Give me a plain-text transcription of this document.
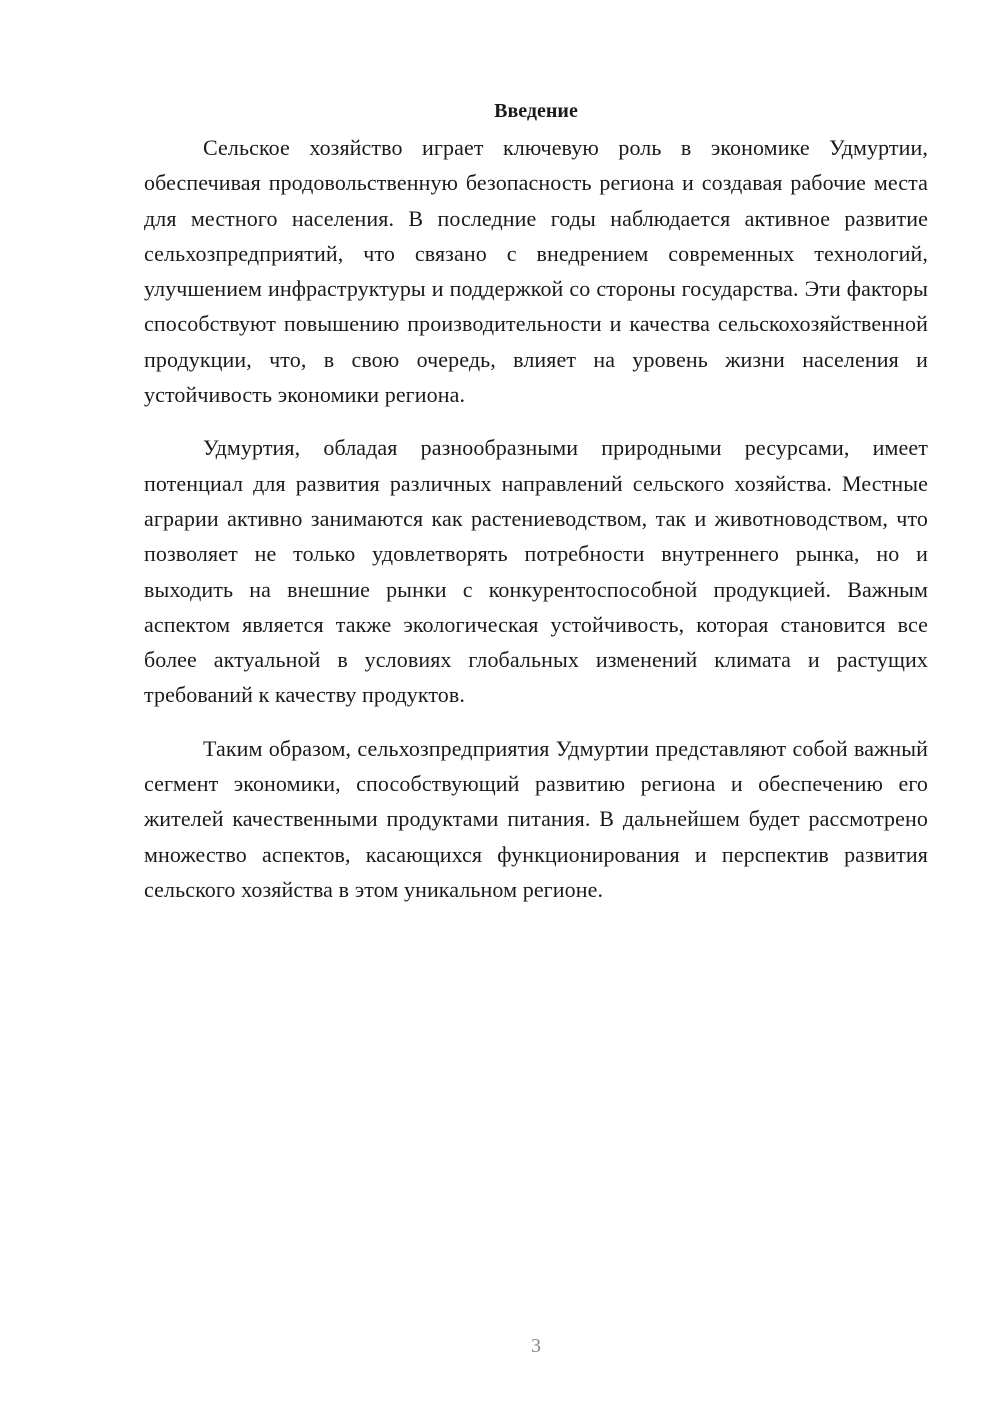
Введение

Сельское хозяйство играет ключевую роль в экономике Удмуртии, обеспечивая продовольственную безопасность региона и создавая рабочие места для местного населения. В последние годы наблюдается активное развитие сельхозпредприятий, что связано с внедрением современных технологий, улучшением инфраструктуры и поддержкой со стороны государства. Эти факторы способствуют повышению производительности и качества сельскохозяйственной продукции, что, в свою очередь, влияет на уровень жизни населения и устойчивость экономики региона.

Удмуртия, обладая разнообразными природными ресурсами, имеет потенциал для развития различных направлений сельского хозяйства. Местные аграрии активно занимаются как растениеводством, так и животноводством, что позволяет не только удовлетворять потребности внутреннего рынка, но и выходить на внешние рынки с конкурентоспособной продукцией. Важным аспектом является также экологическая устойчивость, которая становится все более актуальной в условиях глобальных изменений климата и растущих требований к качеству продуктов.

Таким образом, сельхозпредприятия Удмуртии представляют собой важный сегмент экономики, способствующий развитию региона и обеспечению его жителей качественными продуктами питания. В дальнейшем будет рассмотрено множество аспектов, касающихся функционирования и перспектив развития сельского хозяйства в этом уникальном регионе.

3
